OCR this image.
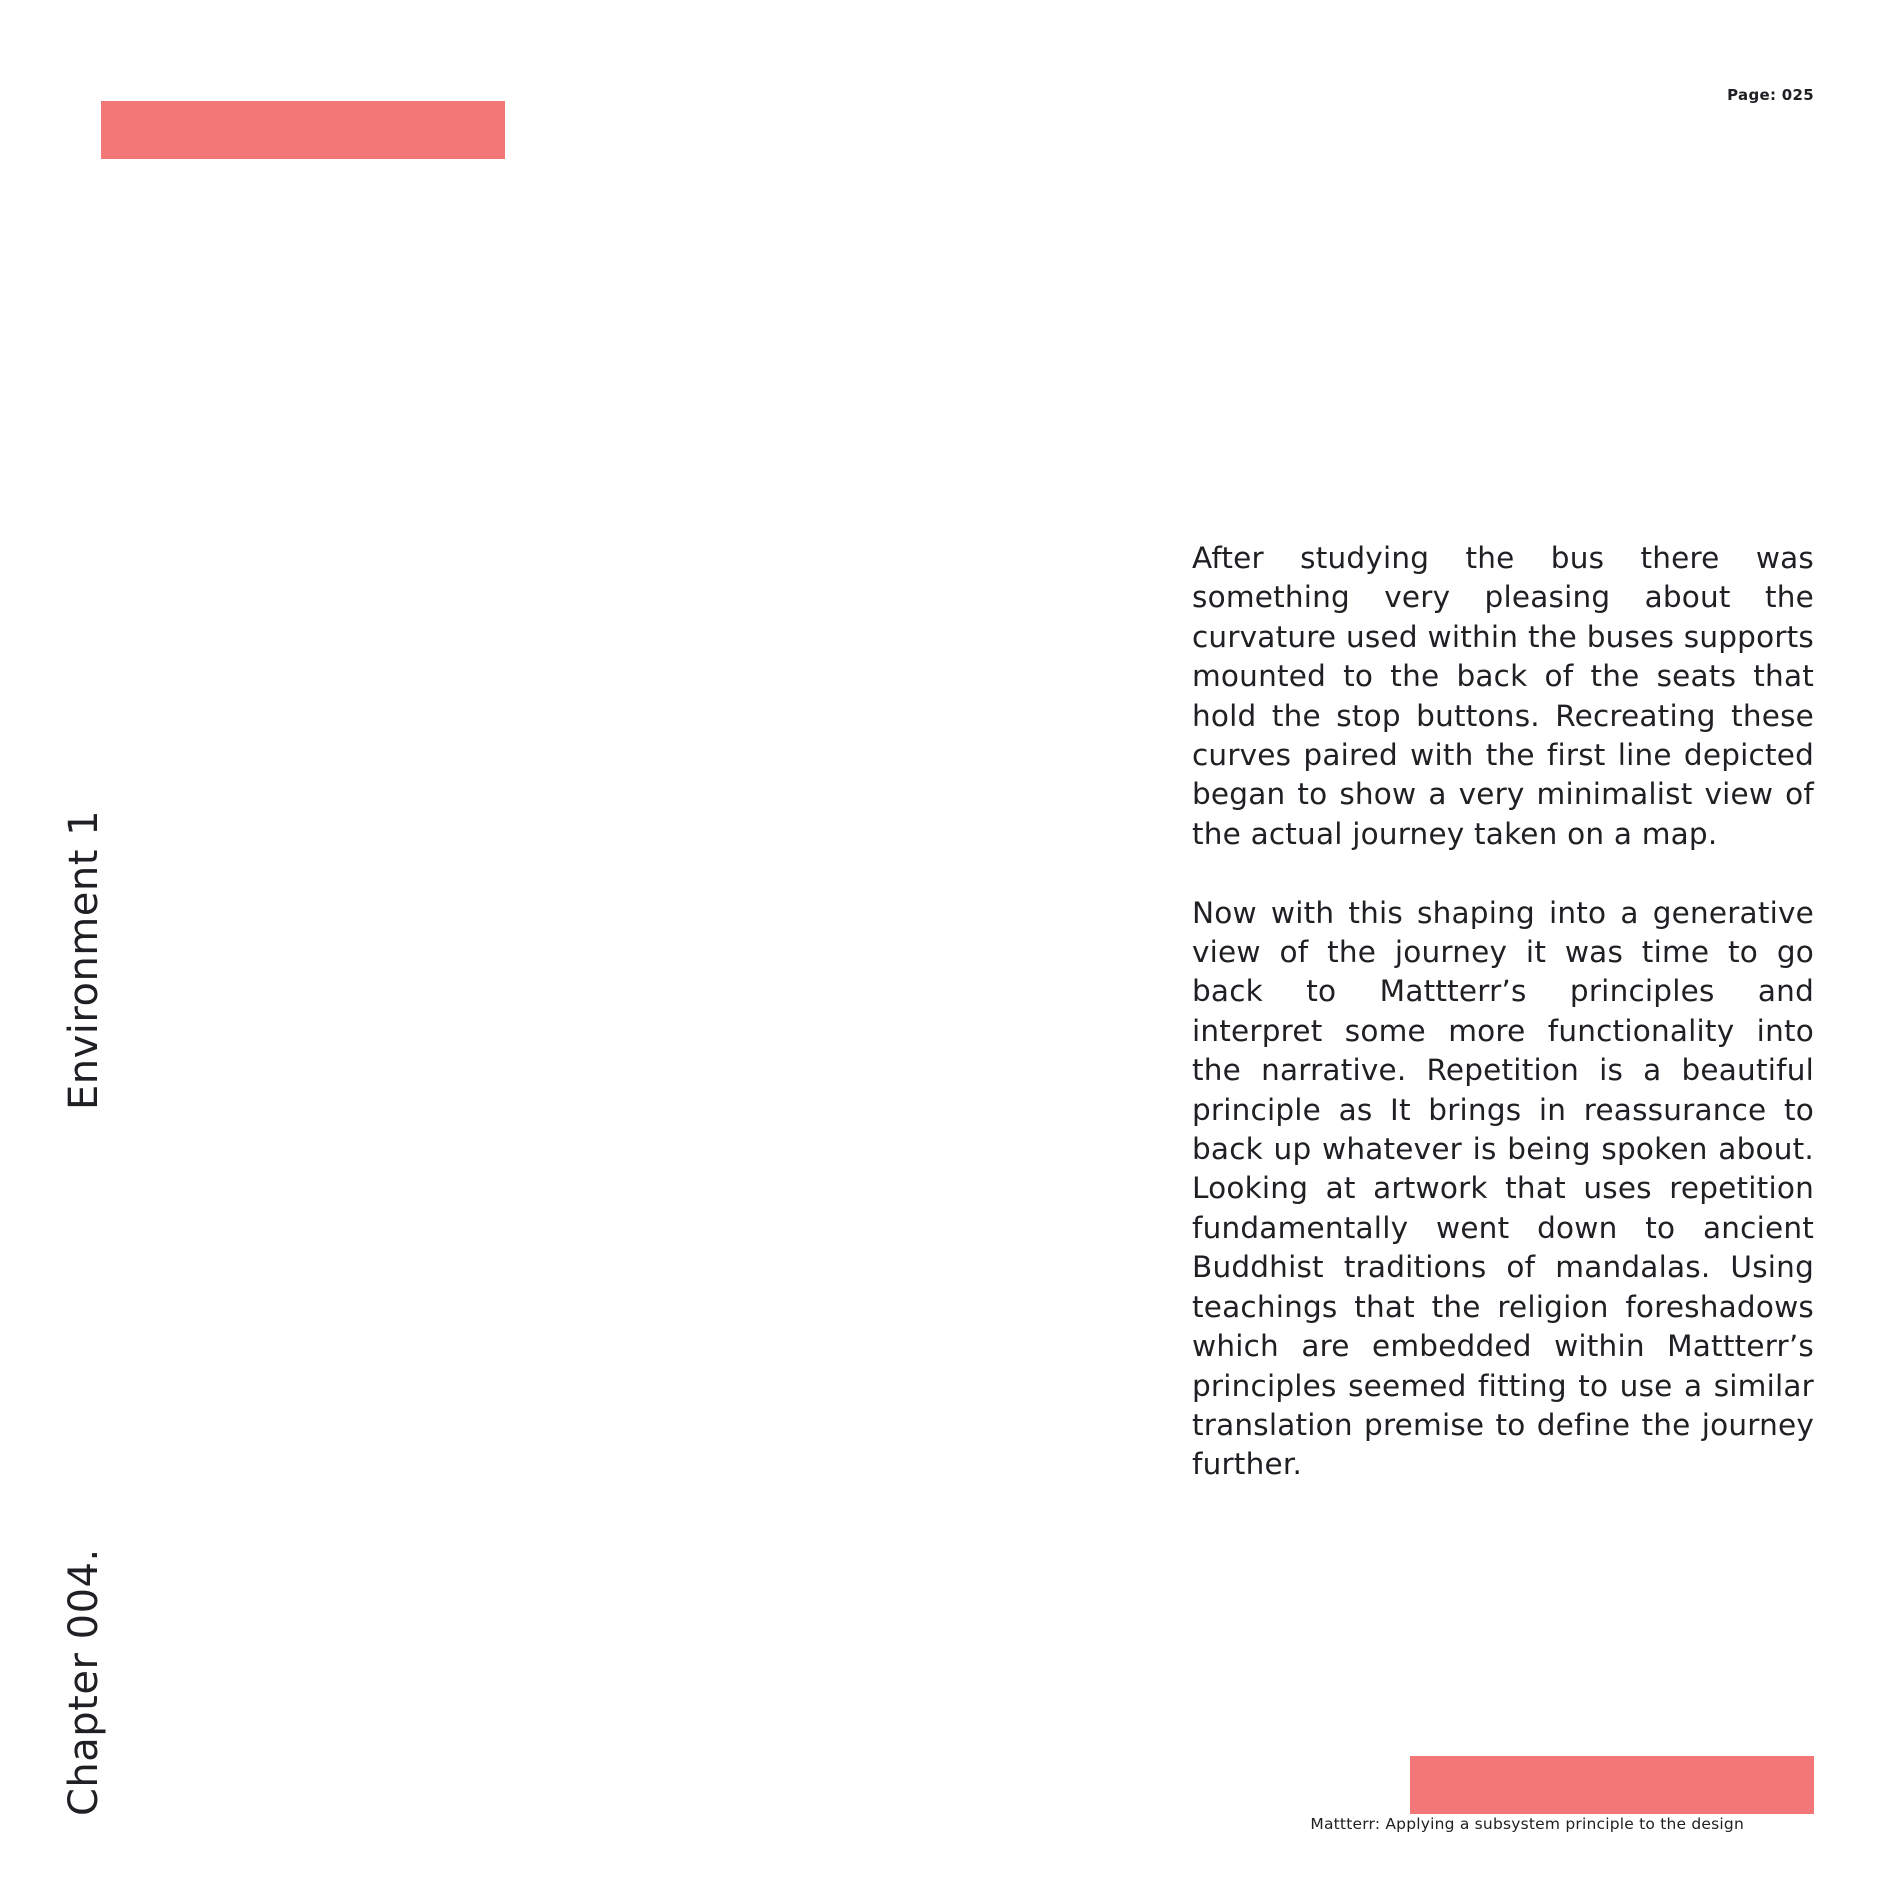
Page: 025
Chapter 004.
Environment 1

After studying the bus there was something very pleasing about the curvature used within the buses supports mounted to the back of the seats that hold the stop buttons. Recreating these curves paired with the first line depicted began to show a very minimalist view of the actual journey taken on a map.

Now with this shaping into a generative view of the journey it was time to go back to Mattterr’s principles and interpret some more functionality into the narrative. Repetition is a beautiful principle as It brings in reassurance to back up whatever is being spoken about. Looking at artwork that uses repetition fundamentally went down to ancient Buddhist traditions of mandalas. Using teachings that the religion foreshadows which are embedded within Mattterr’s principles seemed fitting to use a similar translation premise to define the journey further.

Mattterr: Applying a subsystem principle to the design
